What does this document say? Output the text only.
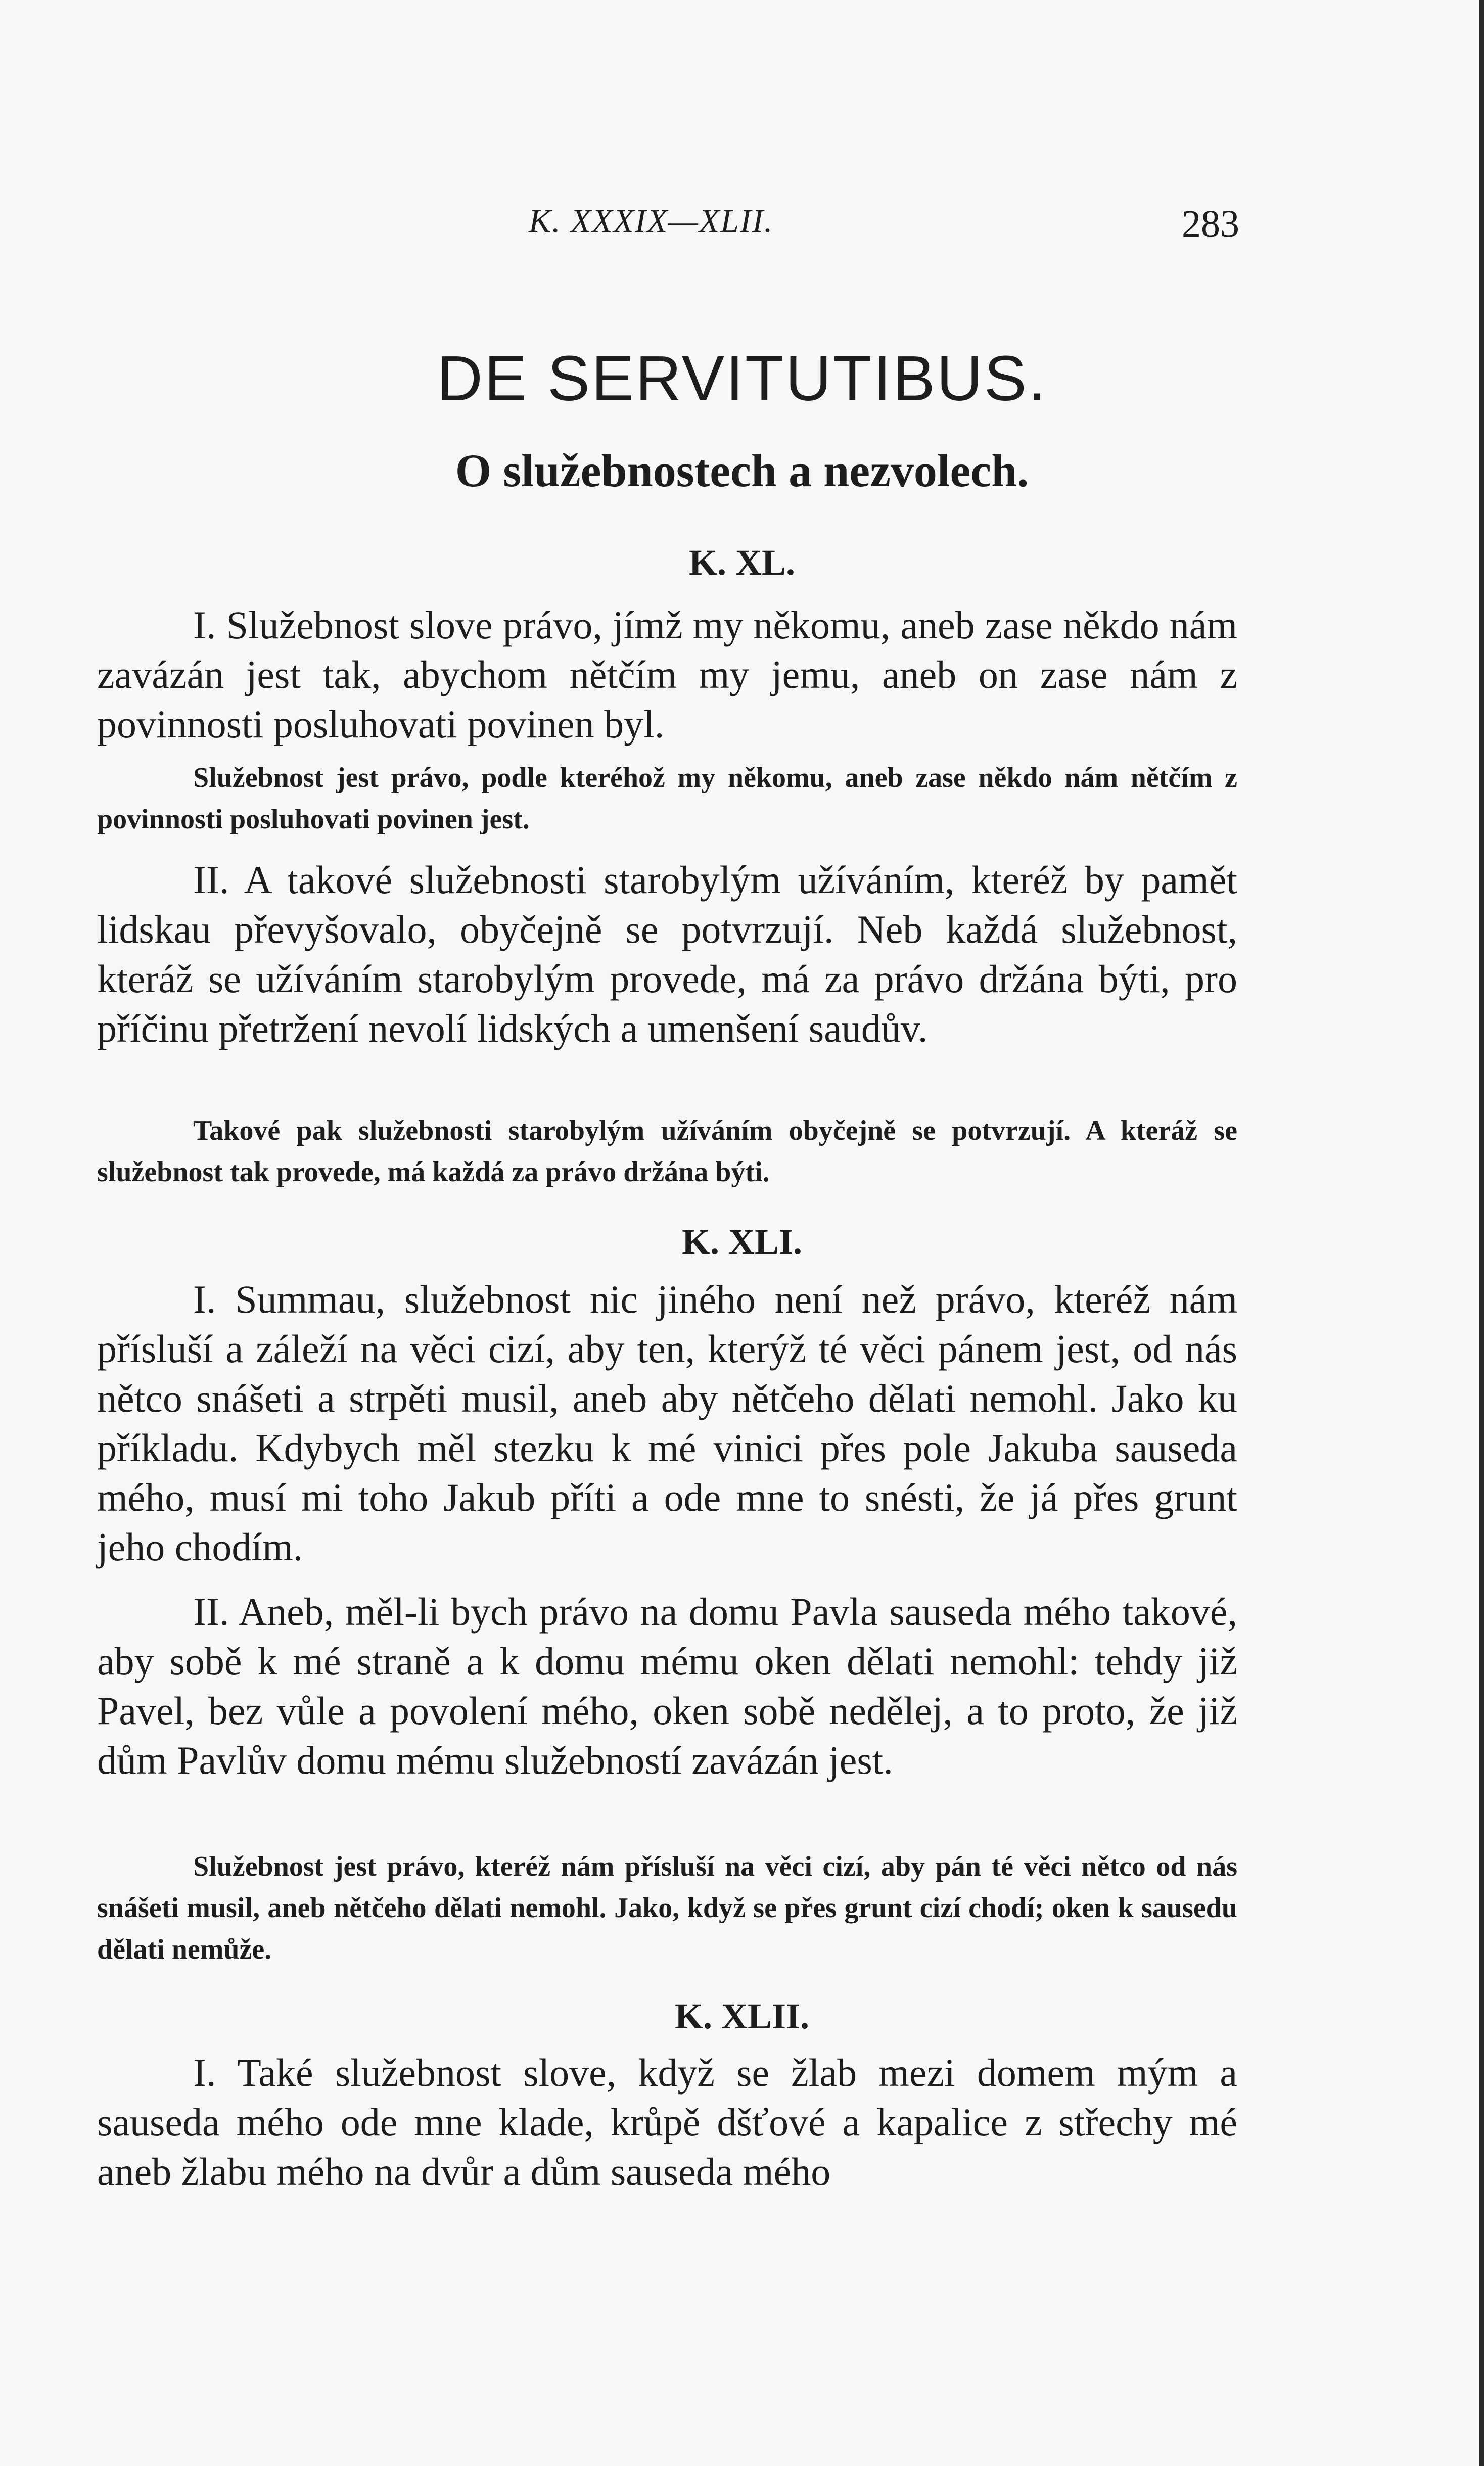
K. XXXIX—XLII.	283
DE SERVITUTIBUS.
O služebnostech a nezvolech.
K. XL.

I. Služebnost slove právo, jímž my někomu, aneb zase někdo nám zavázán jest tak, abychom nětčím my jemu, aneb on zase nám z povinnosti posluhovati povinen byl.

Služebnost jest právo, podle kteréhož my někomu, aneb zase někdo nám nětčím z povinnosti posluhovati povinen jest.

II. A takové služebnosti starobylým užíváním, kteréž by pamět lidskau převyšovalo, obyčejně se potvrzují. Neb každá služebnost, kteráž se užíváním starobylým provede, má za právo držána býti, pro příčinu přetržení nevolí lidských a umenšení saudův.

Takové pak služebnosti starobylým užíváním obyčejně se potvrzují. A kteráž se služebnost tak provede, má každá za právo držána býti.

K. XLI.

I. Summau, služebnost nic jiného není než právo, kteréž nám přísluší a záleží na věci cizí, aby ten, kterýž té věci pánem jest, od nás nětco snášeti a strpěti musil, aneb aby nětčeho dělati nemohl. Jako ku příkladu. Kdybych měl stezku k mé vinici přes pole Jakuba sauseda mého, musí mi toho Jakub příti a ode mne to snésti, že já přes grunt jeho chodím.

II. Aneb, měl-li bych právo na domu Pavla sauseda mého takové, aby sobě k mé straně a k domu mému oken dělati nemohl: tehdy již Pavel, bez vůle a povolení mého, oken sobě nedělej, a to proto, že již dům Pavlův domu mému služebností zavázán jest.

Služebnost jest právo, kteréž nám přísluší na věci cizí, aby pán té věci nětco od nás snášeti musil, aneb nětčeho dělati nemohl. Jako, když se přes grunt cizí chodí; oken k sausedu dělati nemůže.

K. XLII.

I. Také služebnost slove, když se žlab mezi domem mým a sauseda mého ode mne klade, krůpě dšťové a kapalice z střechy mé aneb žlabu mého na dvůr a dům sauseda mého
